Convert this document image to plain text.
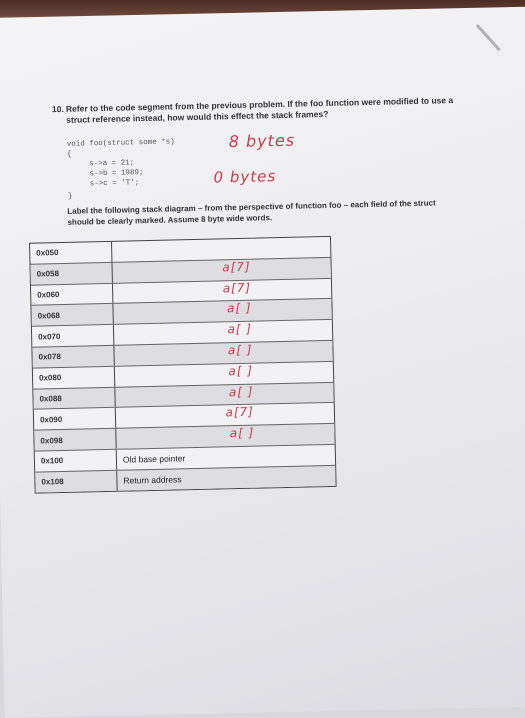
10. Refer to the code segment from the previous problem. If the foo function were modified to use a struct reference instead, how would this effect the stack frames?
void foo(struct some *s)
{
s->a = 21;
s->b = 1989;
s->c = 'T';
}
8 bytes
0 bytes
Label the following stack diagram – from the perspective of function foo – each field of the struct should be clearly marked. Assume 8 byte wide words.
0x050
0x058	a[7]
0x060	a[7]
0x068	a[ ]
0x070	a[ ]
0x078	a[ ]
0x080	a[ ]
0x088	a[ ]
0x090	a[7]
0x098	a[ ]
0x100	Old base pointer
0x108	Return address
